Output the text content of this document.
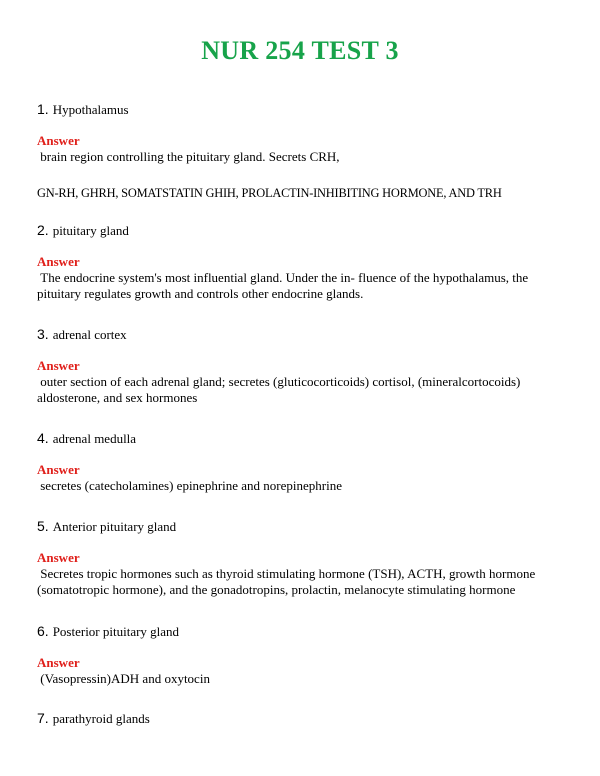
NUR 254 TEST 3
1. Hypothalamus
Answer
brain region controlling the pituitary gland. Secrets CRH,
GN-RH, GHRH, SOMATSTATIN GHIH, PROLACTIN-INHIBITING HORMONE, AND TRH
2. pituitary gland
Answer
The endocrine system's most influential gland. Under the in- fluence of the hypothalamus, the
pituitary regulates growth and controls other endocrine glands.
3. adrenal cortex
Answer
outer section of each adrenal gland; secretes (gluticocorticoids) cortisol, (mineralcortocoids)
aldosterone, and sex hormones
4. adrenal medulla
Answer
secretes (catecholamines) epinephrine and norepinephrine
5. Anterior pituitary gland
Answer
Secretes tropic hormones such as thyroid stimulating hormone (TSH), ACTH, growth hormone
(somatotropic hormone), and the gonadotropins, prolactin, melanocyte stimulating hormone
6. Posterior pituitary gland
Answer
(Vasopressin)ADH and oxytocin
7. parathyroid glands
